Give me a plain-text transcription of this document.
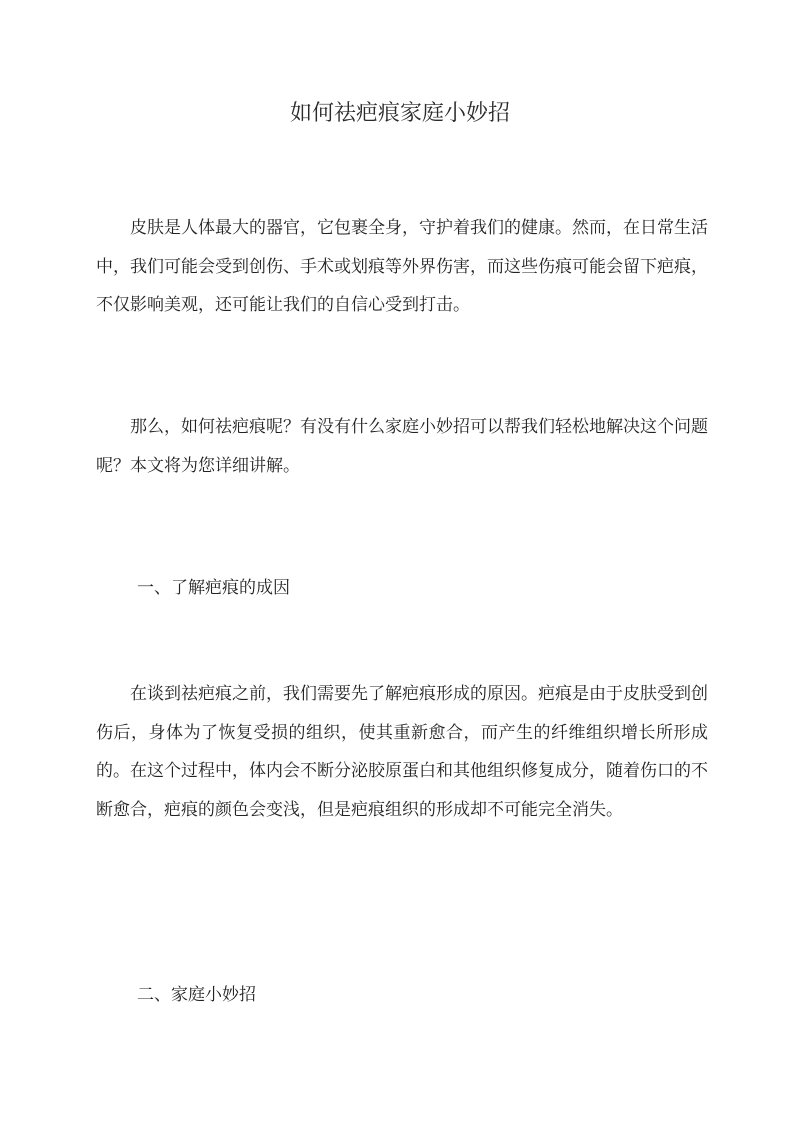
如何祛疤痕家庭小妙招

皮肤是人体最大的器官，它包裹全身，守护着我们的健康。然而，在日常生活中，我们可能会受到创伤、手术或划痕等外界伤害，而这些伤痕可能会留下疤痕，不仅影响美观，还可能让我们的自信心受到打击。

那么，如何祛疤痕呢？有没有什么家庭小妙招可以帮我们轻松地解决这个问题呢？本文将为您详细讲解。

一、了解疤痕的成因

在谈到祛疤痕之前，我们需要先了解疤痕形成的原因。疤痕是由于皮肤受到创伤后，身体为了恢复受损的组织，使其重新愈合，而产生的纤维组织增长所形成的。在这个过程中，体内会不断分泌胶原蛋白和其他组织修复成分，随着伤口的不断愈合，疤痕的颜色会变浅，但是疤痕组织的形成却不可能完全消失。

二、家庭小妙招
